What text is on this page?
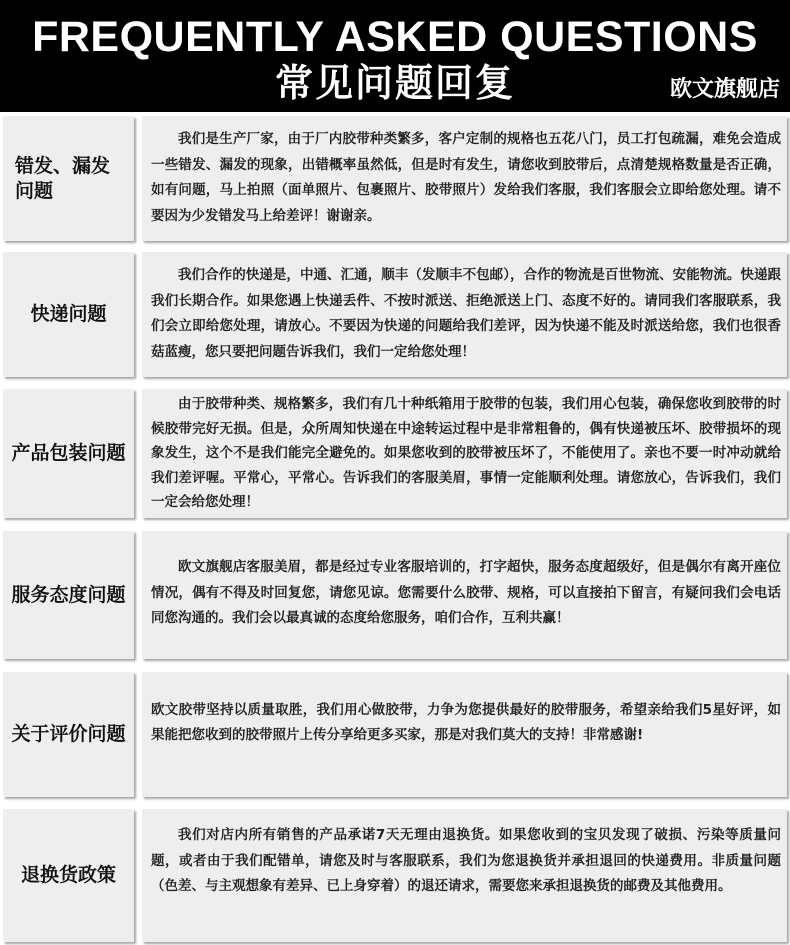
FREQUENTLY ASKED QUESTIONS
常见问题回复	欧文旗舰店
错发、漏发问题
我们是生产厂家，由于厂内胶带种类繁多，客户定制的规格也五花八门，员工打包疏漏，难免会造成一些错发、漏发的现象，出错概率虽然低，但是时有发生，请您收到胶带后，点清楚规格数量是否正确，如有问题，马上拍照（面单照片、包裹照片、胶带照片）发给我们客服，我们客服会立即给您处理。请不要因为少发错发马上给差评！谢谢亲。
快递问题
我们合作的快递是，中通、汇通，顺丰（发顺丰不包邮），合作的物流是百世物流、安能物流。快递跟我们长期合作。如果您遇上快递丢件、不按时派送、拒绝派送上门、态度不好的。请同我们客服联系，我们会立即给您处理，请放心。不要因为快递的问题给我们差评，因为快递不能及时派送给您，我们也很香菇蓝瘦，您只要把问题告诉我们，我们一定给您处理！
产品包装问题
由于胶带种类、规格繁多，我们有几十种纸箱用于胶带的包装，我们用心包装，确保您收到胶带的时候胶带完好无损。但是，众所周知快递在中途转运过程中是非常粗鲁的，偶有快递被压坏、胶带损坏的现象发生，这个不是我们能完全避免的。如果您收到的胶带被压坏了，不能使用了。亲也不要一时冲动就给我们差评喔。平常心，平常心。告诉我们的客服美眉，事情一定能顺利处理。请您放心，告诉我们，我们一定会给您处理！
服务态度问题
欧文旗舰店客服美眉，都是经过专业客服培训的，打字超快，服务态度超级好，但是偶尔有离开座位情况，偶有不得及时回复您，请您见谅。您需要什么胶带、规格，可以直接拍下留言，有疑问我们会电话同您沟通的。我们会以最真诚的态度给您服务，咱们合作，互利共赢！
关于评价问题
欧文胶带坚持以质量取胜，我们用心做胶带，力争为您提供最好的胶带服务，希望亲给我们5星好评，如果能把您收到的胶带照片上传分享给更多买家，那是对我们莫大的支持！非常感谢!
退换货政策
我们对店内所有销售的产品承诺7天无理由退换货。如果您收到的宝贝发现了破损、污染等质量问题，或者由于我们配错单，请您及时与客服联系，我们为您退换货并承担退回的快递费用。非质量问题（色差、与主观想象有差异、已上身穿着）的退还请求，需要您来承担退换货的邮费及其他费用。
